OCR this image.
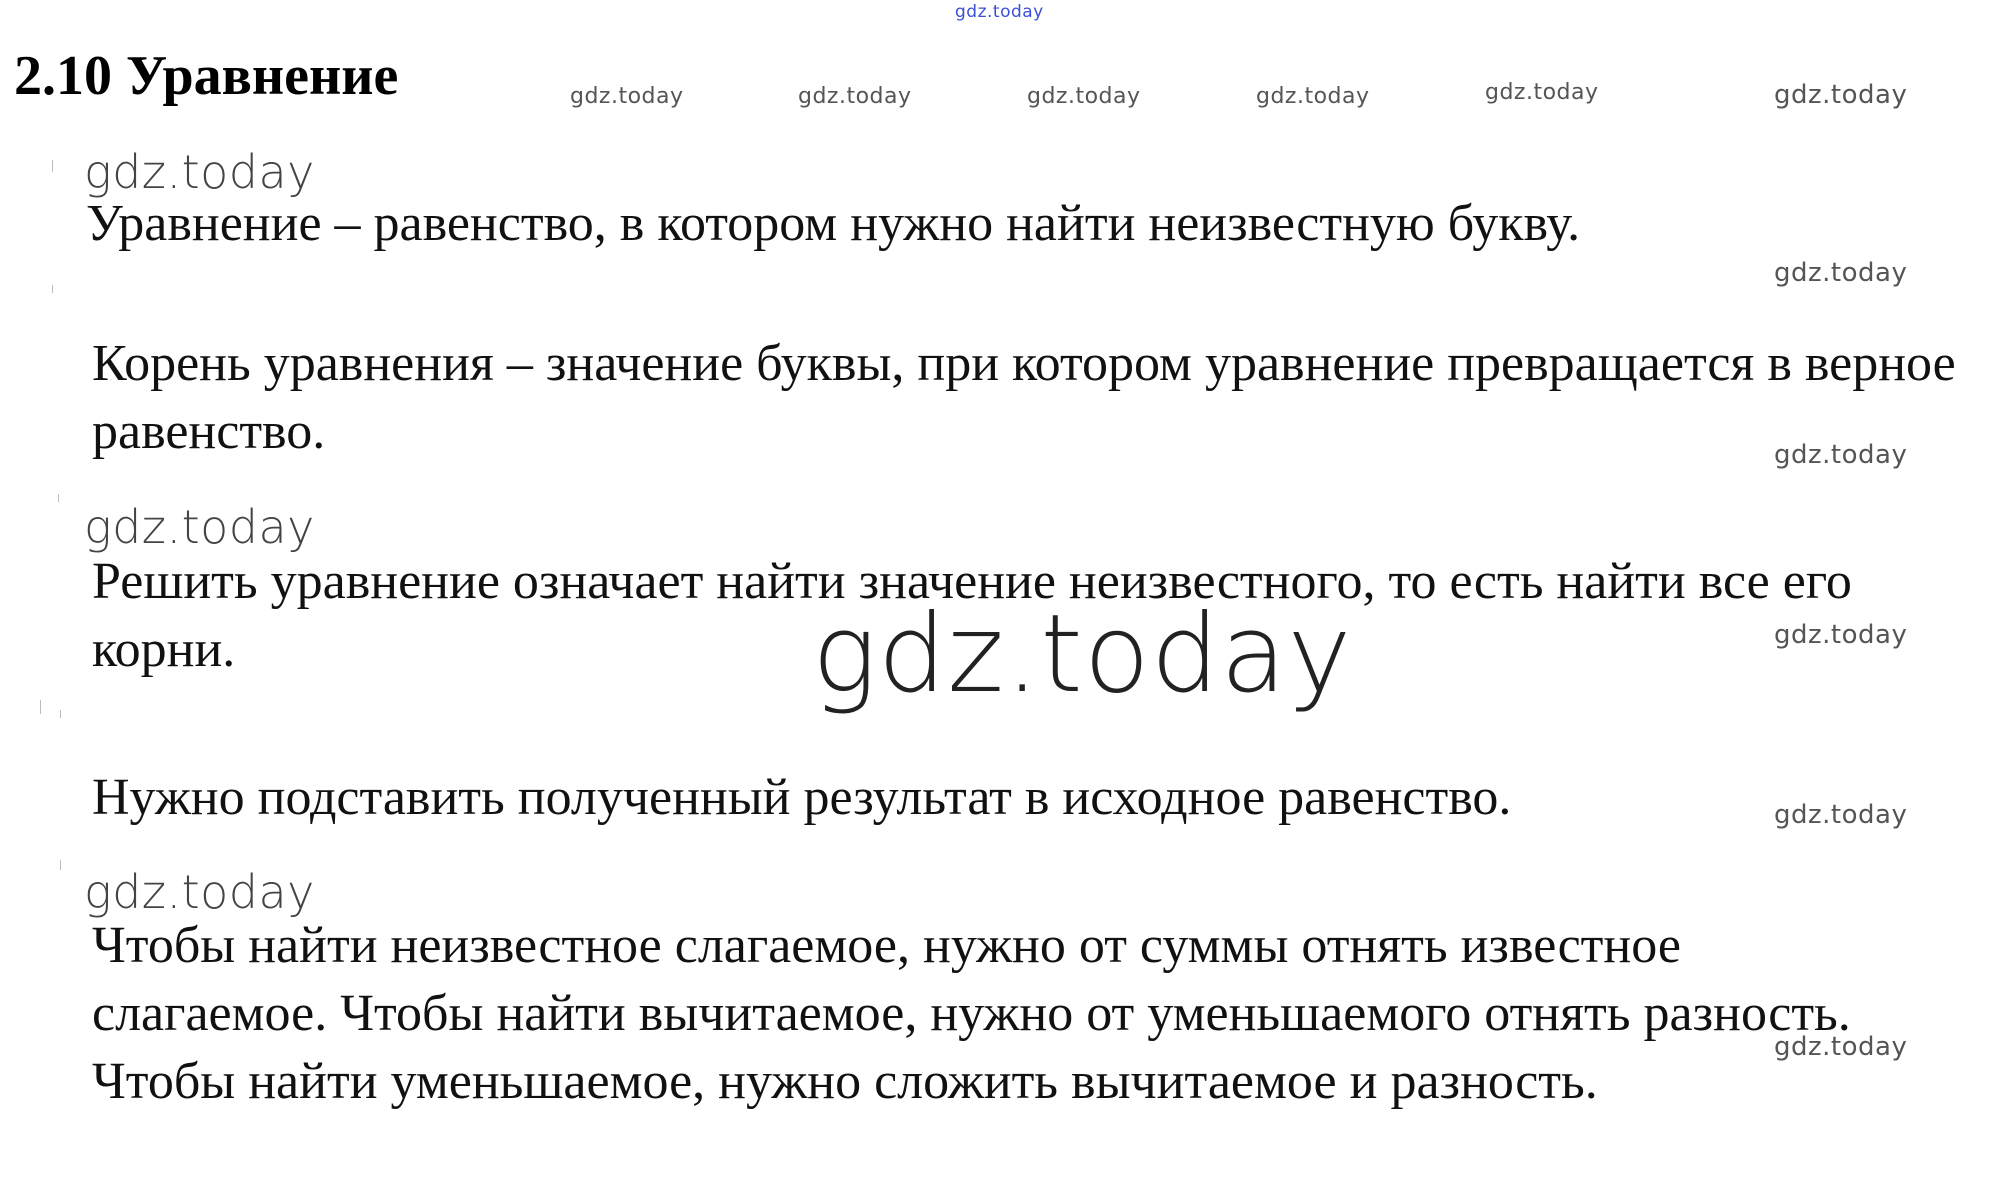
gdz.today
2.10 Уравнение	gdz.today	gdz.today	gdz.today	gdz.today	gdz.today	gdz.today
gdz.today
Уравнение – равенство, в котором нужно найти неизвестную букву.
gdz.today
Корень уравнения – значение буквы, при котором уравнение превращается в верное равенство.	gdz.today
gdz.today
Решить уравнение означает найти значение неизвестного, то есть найти все его корни.	gdz.today	gdz.today
Нужно подставить полученный результат в исходное равенство.	gdz.today
gdz.today
Чтобы найти неизвестное слагаемое, нужно от суммы отнять известное слагаемое. Чтобы найти вычитаемое, нужно от уменьшаемого отнять разность. Чтобы найти уменьшаемое, нужно сложить вычитаемое и разность.
gdz.today
